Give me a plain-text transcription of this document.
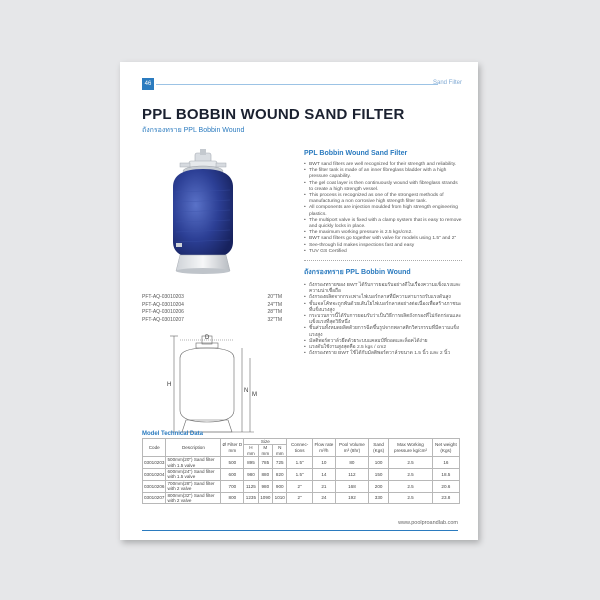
46	Sand Filter
PPL BOBBIN WOUND SAND FILTER
ถังกรองทราย PPL Bobbin Wound
PFT-AQ-03010203	20"TM
PFT-AQ-03010204	24"TM
PFT-AQ-03010206	28"TM
PFT-AQ-03010207	32"TM
D
H
N
M
PPL Bobbin Wound Sand Filter
• BWT sand filters are well recognized for their strength and reliability.
• The filter tank is made of an inner fibreglass bladder with a high pressure capability.
• The gel coat layer is then continuously wound with fibreglass strands to create a high strength vessel.
• This process is recognized as one of the strongest methods of manufacturing a non corrosive high strength filter tank.
• All components are injection moulded from high strength engineering plastics.
• The multiport valve is fixed with a clamp system that is easy to remove and quickly locks in place.
• The maximum working pressure is 2.5 kgs/cm2.
• BWT sand filters go together with valve for models using 1.5" and 2"
• See-through lid makes inspections fast and easy
• TUV GS Certified
ถังกรองทราย PPL Bobbin Wound
• ถังกรองทรายของ BWT ได้รับการยอมรับอย่างดีในเรื่องความแข็งแรงและความน่าเชื่อถือ
• ถังกรองผลิตจากกระเพาะไฟเบอร์กลาสที่มีความสามารถรับแรงดันสูง
• ชั้นเจลโค้ทจะถูกพันด้วยเส้นใยไฟเบอร์กลาสอย่างต่อเนื่องเพื่อสร้างภาชนะที่แข็งแรงสูง
• กระบวนการนี้ได้รับการยอมรับว่าเป็นวิธีการผลิตถังกรองที่ไม่กัดกร่อนและแข็งแรงที่สุดวิธีหนึ่ง
• ชิ้นส่วนทั้งหมดผลิตด้วยการฉีดขึ้นรูปจากพลาสติกวิศวกรรมที่มีความแข็งแรงสูง
• มัลติพอร์ตวาล์วยึดด้วยระบบแคลมป์ที่ถอดและล็อคได้ง่าย
• แรงดันใช้งานสูงสุดคือ 2.5 kgs / cm2
• ถังกรองทราย BWT ใช้ได้กับมัลติพอร์ตวาล์วขนาด 1.5 นิ้ว และ 2 นิ้ว
Model Technical Data
Code	Description	Ø Filter D mm	Size			Connec-tions	Flow rate m³/h	Pool Volume m³ (8hr)	Sand (Kgs)	Max Working pressure kg/cm²	Net weight (Kgs)
			H mm	M mm	N mm						
03010203	500mm(20") Sand filter with 1.5 valve	500	895	785	725	1.5"	10	80	100	2.5	16
03010204	600mm(24") Sand filter with 1.5 valve	600	980	880	820	1.5"	14	112	150	2.5	18.5
03010206	700mm(28") Sand filter with 2 valve	700	1125	980	900	2"	21	168	200	2.5	20.6
03010207	800mm(32") Sand filter with 2 valve	800	1235	1090	1010	2"	24	192	330	2.5	23.8
www.poolproandlab.com
